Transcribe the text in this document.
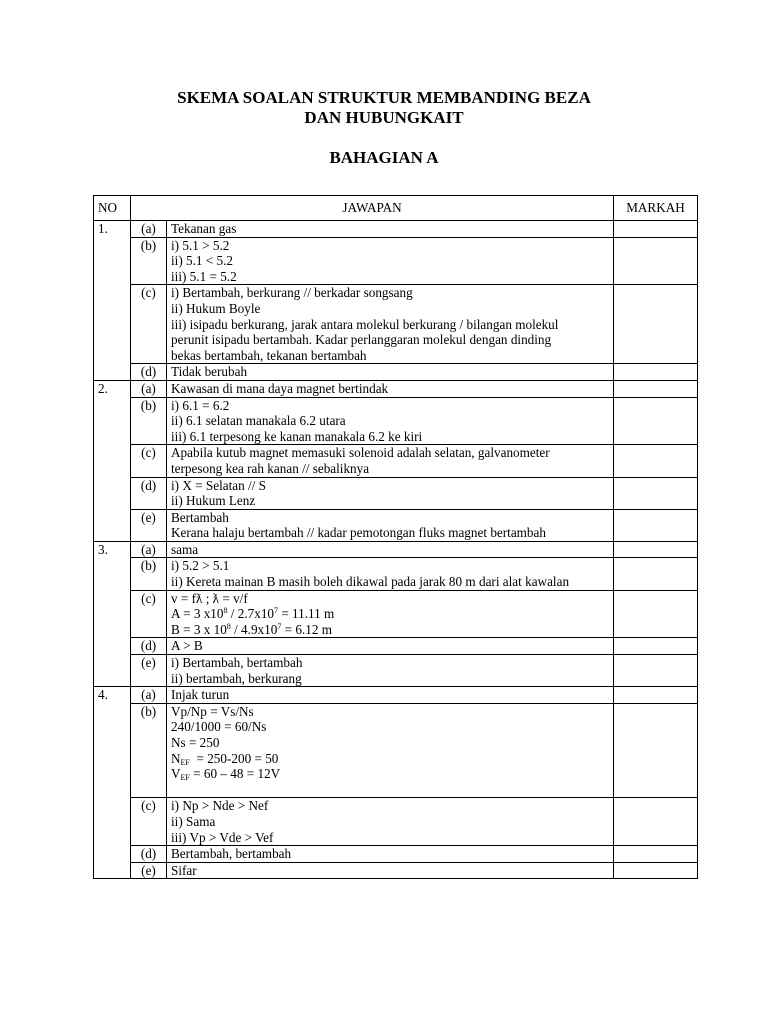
SKEMA SOALAN STRUKTUR MEMBANDING BEZA
DAN HUBUNGKAIT
BAHAGIAN A
NO	JAWAPAN		MARKAH
1.	(a)	Tekanan gas	

	(b)	i) 5.1 > 5.2
ii) 5.1 < 5.2
iii) 5.1 = 5.2	

	(c)	i) Bertambah, berkurang // berkadar songsang
ii) Hukum Boyle
iii) isipadu berkurang, jarak antara molekul berkurang / bilangan molekul
perunit isipadu bertambah. Kadar perlanggaran molekul dengan dinding
bekas bertambah, tekanan bertambah	

	(d)	Tidak berubah	

2.	(a)	Kawasan di mana daya magnet bertindak	

	(b)	i) 6.1 = 6.2
ii) 6.1 selatan manakala 6.2 utara
iii) 6.1 terpesong ke kanan manakala 6.2 ke kiri	

	(c)	Apabila kutub magnet memasuki solenoid adalah selatan, galvanometer
terpesong kea rah kanan // sebaliknya	

	(d)	i) X = Selatan // S
ii) Hukum Lenz	

	(e)	Bertambah
Kerana halaju bertambah // kadar pemotongan fluks magnet bertambah	

3.	(a)	sama	

	(b)	i) 5.2 > 5.1
ii) Kereta mainan B masih boleh dikawal pada jarak 80 m dari alat kawalan	

	(c)	v = fƛ ; ƛ = v/f
A = 3 $x10^8 / 2.7x10^7 = 11.11$ m
B = 3 x $10^8 / 4.9x10^7 = 6.12$ m	

	(d)	A > B	

	(e)	i) Bertambah, bertambah
ii) bertambah, berkurang	

4.	(a)	Injak turun	

	(b)	Vp/Np = Vs/Ns
240/1000 = 60/Ns
Ns = 250
$N_{EF} = 250-200 = 50$
$V_{EF} = 60 - 48 = 12V$	

	(c)	i) Np > Nde > Nef
ii) Sama
iii) Vp > Vde > Vef	

	(d)	Bertambah, bertambah	

	(e)	Sifar	
